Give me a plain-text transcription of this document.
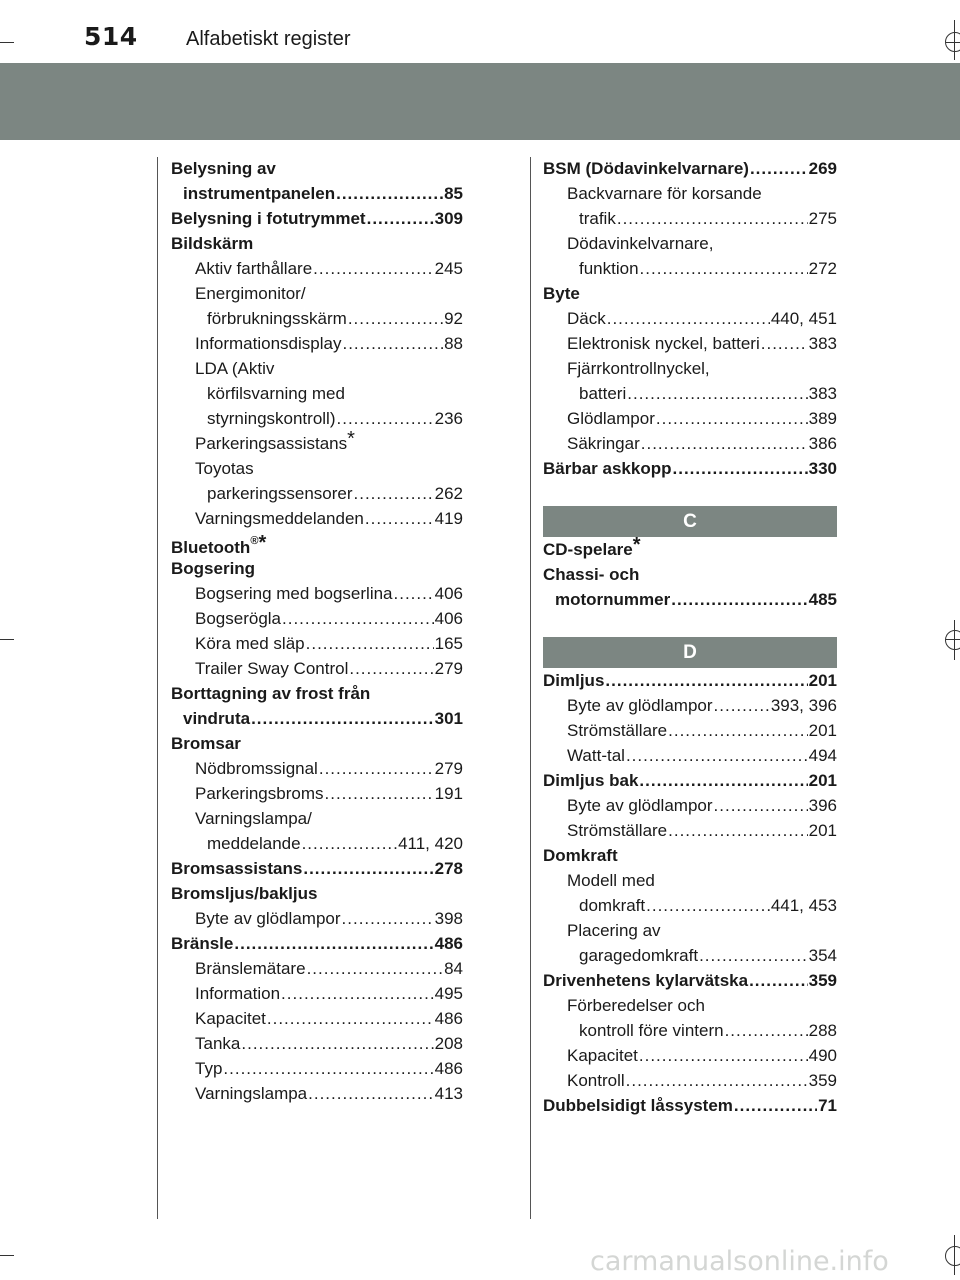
514 Alfabetiskt register
Belysning av
instrumentpanelen .....	85
Belysning i fotutrymmet .....	309
Bildskärm
Aktiv farthållare .....	245
Energimonitor/
förbrukningsskärm .....	92
Informationsdisplay .....	88
LDA (Aktiv
körfilsvarning med
styrningskontroll) .....	236
Parkeringsassistans*
Toyotas
parkeringssensorer .....	262
Varningsmeddelanden .....	419
Bluetooth®*
Bogsering
Bogsering med bogserlina ..... 406
Bogserögla .....	406
Köra med släp .....	165
Trailer Sway Control .....	279
Borttagning av frost från
vindruta .....	301
Bromsar
Nödbromssignal .....	279
Parkeringsbroms .....	191
Varningslampa/
meddelande .....	411, 420
Bromsassistans .....	278
Bromsljus/bakljus
Byte av glödlampor .....	398
Bränsle .....	486
Bränslemätare .....	84
Information .....	495
Kapacitet .....	486
Tanka .....	208
Typ .....	486
Varningslampa .....	413
BSM (Dödavinkelvarnare) .....	269
Backvarnare för korsande
trafik .....	275
Dödavinkelvarnare,
funktion .....	272
Byte
Däck .....	440, 451
Elektronisk nyckel, batteri .....	383
Fjärrkontrollnyckel,
batteri .....	383
Glödlampor .....	389
Säkringar .....	386
Bärbar askkopp .....	330
C
CD-spelare*
Chassi- och
motornummer .....	485
D
Dimljus .....	201
Byte av glödlampor .....	393, 396
Strömställare .....	201
Watt-tal .....	494
Dimljus bak .....	201
Byte av glödlampor .....	396
Strömställare .....	201
Domkraft
Modell med
domkraft .....	441, 453
Placering av
garagedomkraft .....	354
Drivenhetens kylarvätska .....	359
Förberedelser och
kontroll före vintern .....	288
Kapacitet .....	490
Kontroll .....	359
Dubbelsidigt låssystem .....	71
carmanualsonline.info
